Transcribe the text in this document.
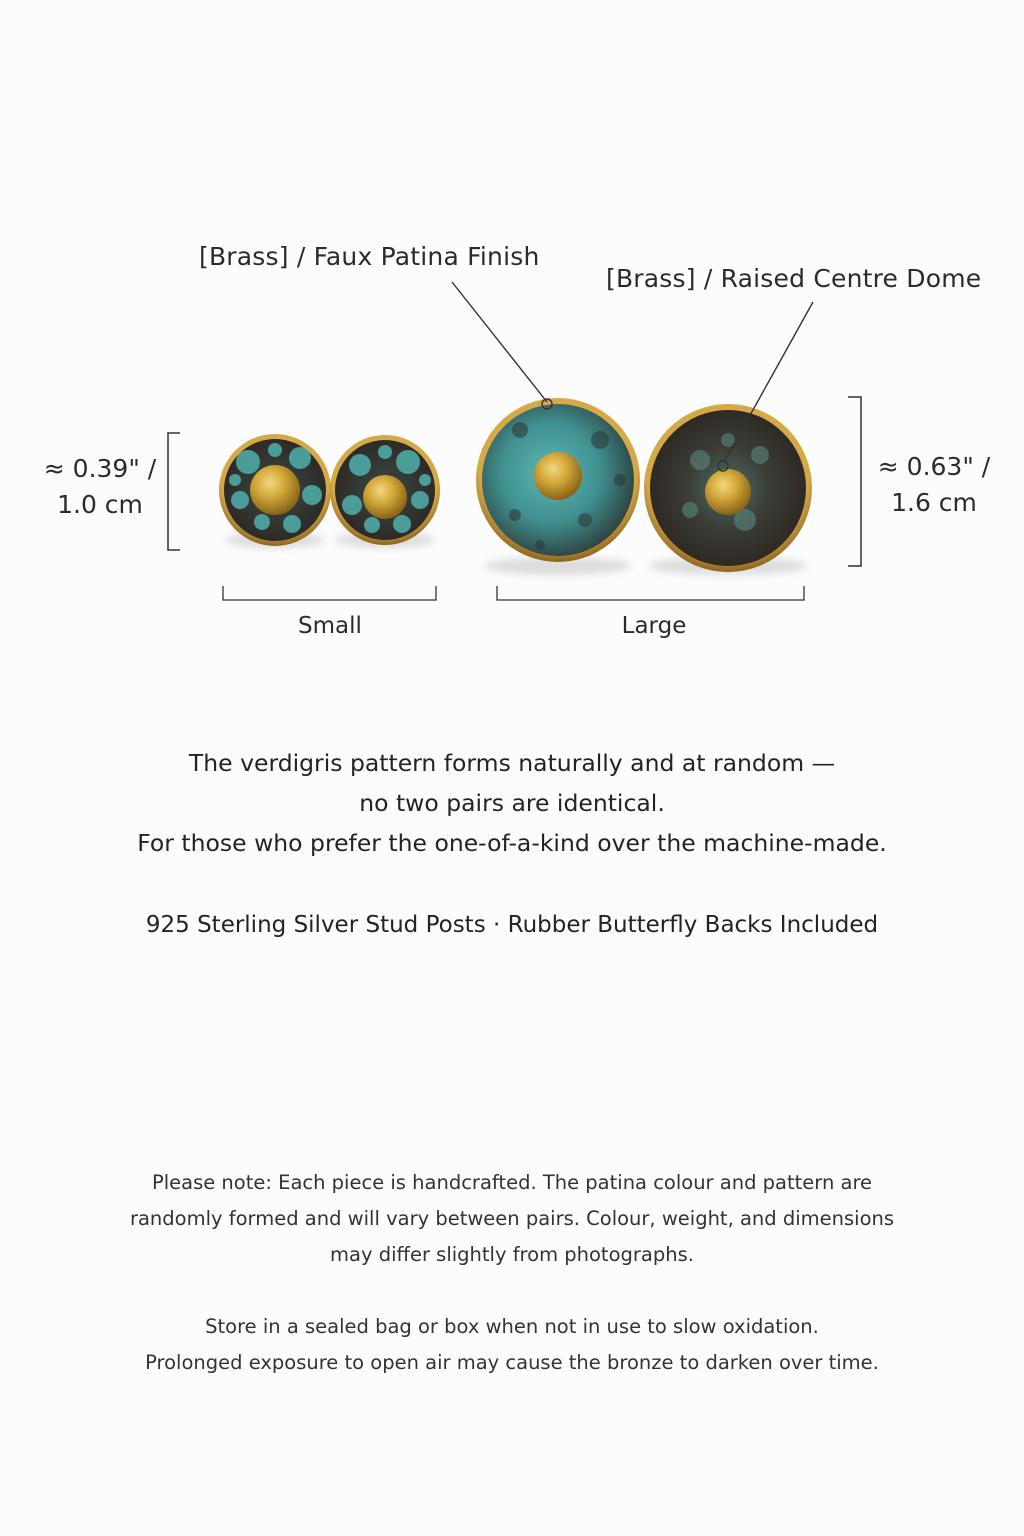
[Brass] / Faux Patina Finish
[Brass] / Raised Centre Dome
≈ 0.39" /
1.0 cm
≈ 0.63" /
1.6 cm
Small	Large
The verdigris pattern forms naturally and at random —
no two pairs are identical.
For those who prefer the one-of-a-kind over the machine-made.
925 Sterling Silver Stud Posts · Rubber Butterfly Backs Included
Please note: Each piece is handcrafted. The patina colour and pattern are
randomly formed and will vary between pairs. Colour, weight, and dimensions
may differ slightly from photographs.
Store in a sealed bag or box when not in use to slow oxidation.
Prolonged exposure to open air may cause the bronze to darken over time.
